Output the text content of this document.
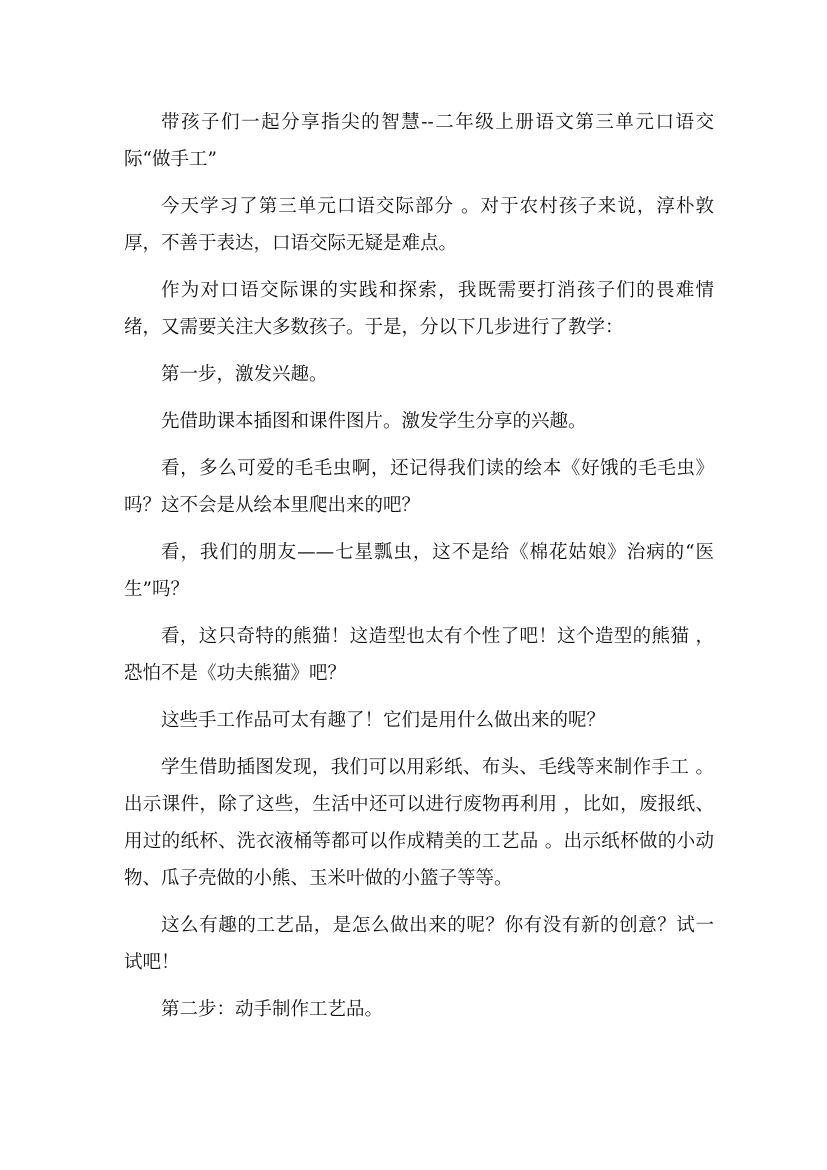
带孩子们一起分享指尖的智慧--二年级上册语文第三单元口语交际“做手工”

今天学习了第三单元口语交际部分 。对于农村孩子来说，淳朴敦厚，不善于表达，口语交际无疑是难点。

作为对口语交际课的实践和探索，我既需要打消孩子们的畏难情绪，又需要关注大多数孩子。于是，分以下几步进行了教学：

第一步，激发兴趣。

先借助课本插图和课件图片。激发学生分享的兴趣。

看，多么可爱的毛毛虫啊，还记得我们读的绘本《好饿的毛毛虫》吗？这不会是从绘本里爬出来的吧？

看，我们的朋友——七星瓢虫，这不是给《棉花姑娘》治病的“医生”吗？

看，这只奇特的熊猫！这造型也太有个性了吧！这个造型的熊猫 ，恐怕不是《功夫熊猫》吧？

这些手工作品可太有趣了！它们是用什么做出来的呢？

学生借助插图发现，我们可以用彩纸、布头、毛线等来制作手工 。出示课件，除了这些，生活中还可以进行废物再利用 ，比如，废报纸、用过的纸杯、洗衣液桶等都可以作成精美的工艺品 。出示纸杯做的小动物、瓜子壳做的小熊、玉米叶做的小篮子等等。

这么有趣的工艺品，是怎么做出来的呢？你有没有新的创意？试一试吧！

第二步：动手制作工艺品。
